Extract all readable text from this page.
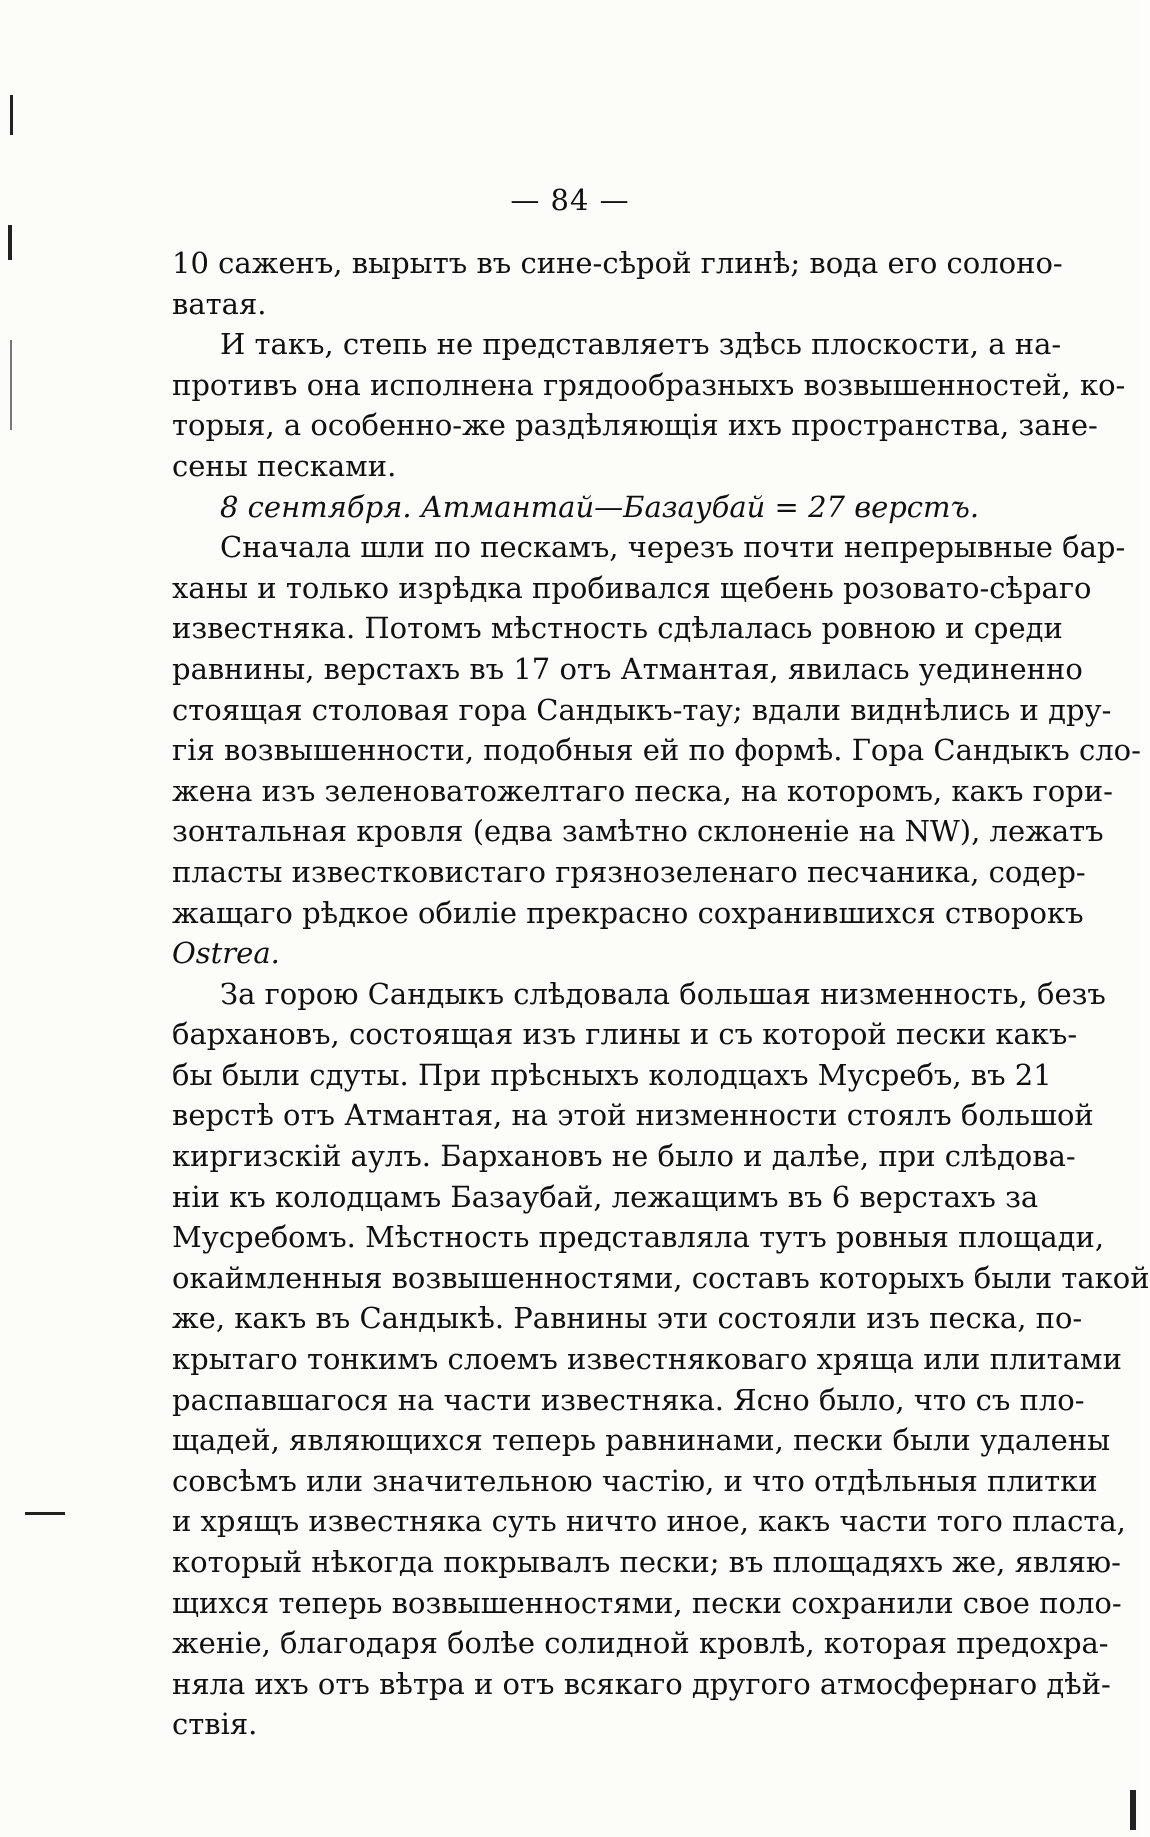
— 84 —
10 саженъ, вырытъ въ сине-сѣрой глинѣ; вода его солоно-
ватая.
И такъ, степь не представляетъ здѣсь плоскости, а на-
противъ она исполнена грядообразныхъ возвышенностей, ко-
торыя, а особенно-же раздѣляющія ихъ пространства, зане-
сены песками.
8 сентября. Атмантай—Базаубай = 27 верстъ.
Сначала шли по пескамъ, черезъ почти непрерывные бар-
ханы и только изрѣдка пробивался щебень розовато-сѣраго
известняка. Потомъ мѣстность сдѣлалась ровною и среди
равнины, верстахъ въ 17 отъ Атмантая, явилась уединенно
стоящая столовая гора Сандыкъ-тау; вдали виднѣлись и дру-
гія возвышенности, подобныя ей по формѣ. Гора Сандыкъ сло-
жена изъ зеленоватожелтаго песка, на которомъ, какъ гори-
зонтальная кровля (едва замѣтно склоненіе на NW), лежатъ
пласты известковистаго грязнозеленаго песчаника, содер-
жащаго рѣдкое обиліе прекрасно сохранившихся створокъ
Ostrea.
За горою Сандыкъ слѣдовала большая низменность, безъ
бархановъ, состоящая изъ глины и съ которой пески какъ-
бы были сдуты. При прѣсныхъ колодцахъ Мусребъ, въ 21
верстѣ отъ Атмантая, на этой низменности стоялъ большой
киргизскій аулъ. Бархановъ не было и далѣе, при слѣдова-
ніи къ колодцамъ Базаубай, лежащимъ въ 6 верстахъ за
Мусребомъ. Мѣстность представляла тутъ ровныя площади,
окаймленныя возвышенностями, составъ которыхъ были такой
же, какъ въ Сандыкѣ. Равнины эти состояли изъ песка, по-
крытаго тонкимъ слоемъ известняковаго хряща или плитами
распавшагося на части известняка. Ясно было, что съ пло-
щадей, являющихся теперь равнинами, пески были удалены
совсѣмъ или значительною частію, и что отдѣльныя плитки
и хрящъ известняка суть ничто иное, какъ части того пласта,
который нѣкогда покрывалъ пески; въ площадяхъ же, являю-
щихся теперь возвышенностями, пески сохранили свое поло-
женіе, благодаря болѣе солидной кровлѣ, которая предохра-
няла ихъ отъ вѣтра и отъ всякаго другого атмосфернаго дѣй-
ствія.
